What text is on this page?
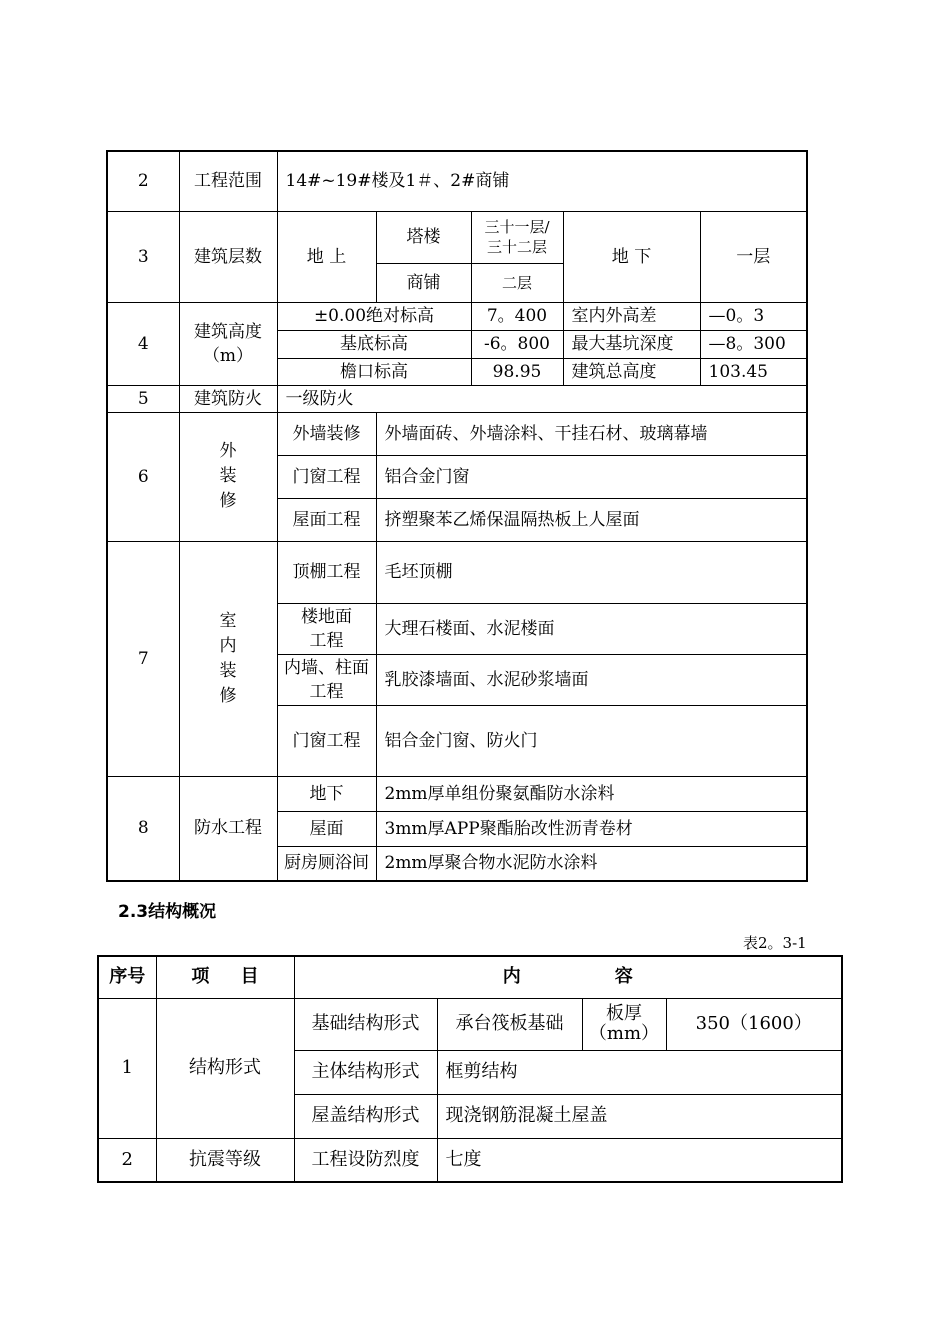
2	工程范围	14#~19#楼及1＃、2#商铺				
3	建筑层数	地 上	塔楼	三十一层/
三十二层	地 下	一层
			商铺	二层		
4	建筑高度
（m）	±0.00绝对标高		7。400	室内外高差	—0。3
		基底标高		-6。800	最大基坑深度	—8。300
		檐口标高		98.95	建筑总高度	103.45
5	建筑防火	一级防火				
6	外
装
修	外墙装修	外墙面砖、外墙涂料、干挂石材、玻璃幕墙			
		门窗工程	铝合金门窗			
		屋面工程	挤塑聚苯乙烯保温隔热板上人屋面			
7	室
内
装
修	顶棚工程	毛坯顶棚			

		楼地面
工程	大理石楼面、水泥楼面			

		内墙、柱面
工程	乳胶漆墙面、水泥砂浆墙面			
		门窗工程	铝合金门窗、防火门			
8	防水工程	地下	2mm厚单组份聚氨酯防水涂料			
		屋面	3mm厚APP聚酯胎改性沥青卷材			
		厨房厕浴间	2mm厚聚合物水泥防水涂料			
2.3结构概况
表2。3-1
序号	项     目	内               容			
1	结构形式	基础结构形式	承台筏板基础	板厚
（mm）	350（1600）
		主体结构形式	框剪结构		
		屋盖结构形式	现浇钢筋混凝土屋盖		
2	抗震等级	工程设防烈度	七度		
